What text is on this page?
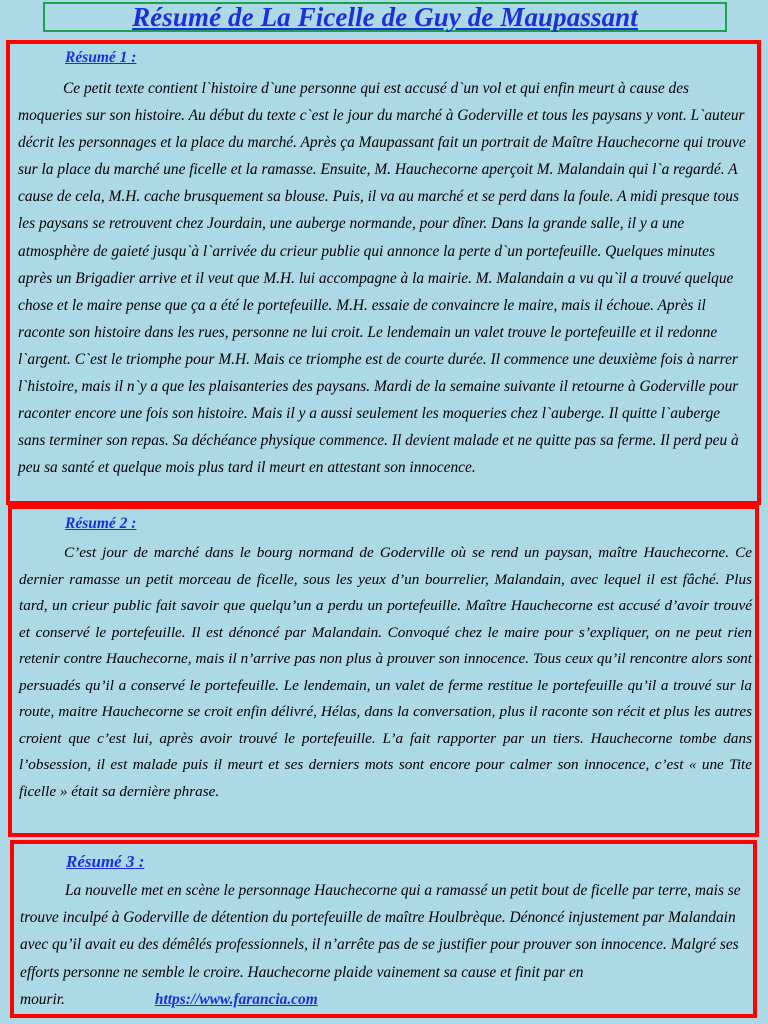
Résumé de La Ficelle de Guy de Maupassant
Résumé 1 :

Ce petit texte contient l`histoire d`une personne qui est accusé d`un vol et qui enfin meurt à cause des moqueries sur son histoire. Au début du texte c`est le jour du marché à Goderville et tous les paysans y vont. L`auteur décrit les personnages et la place du marché. Après ça Maupassant fait un portrait de Maître Hauchecorne qui trouve sur la place du marché une ficelle et la ramasse. Ensuite, M. Hauchecorne aperçoit M. Malandain qui l`a regardé. A cause de cela, M.H. cache brusquement sa blouse. Puis, il va au marché et se perd dans la foule. A midi presque tous les paysans se retrouvent chez Jourdain, une auberge normande, pour dîner. Dans la grande salle, il y a une atmosphère de gaieté jusqu`à l`arrivée du crieur publie qui annonce la perte d`un portefeuille. Quelques minutes après un Brigadier arrive et il veut que M.H. lui accompagne à la mairie. M. Malandain a vu qu`il a trouvé quelque chose et le maire pense que ça a été le portefeuille. M.H. essaie de convaincre le maire, mais il échoue. Après il raconte son histoire dans les rues, personne ne lui croit. Le lendemain un valet trouve le portefeuille et il redonne l`argent. C`est le triomphe pour M.H. Mais ce triomphe est de courte durée. Il commence une deuxième fois à narrer l`histoire, mais il n`y a que les plaisanteries des paysans. Mardi de la semaine suivante il retourne à Goderville pour raconter encore une fois son histoire. Mais il y a aussi seulement les moqueries chez l`auberge. Il quitte l`auberge sans terminer son repas. Sa déchéance physique commence. Il devient malade et ne quitte pas sa ferme. Il perd peu à peu sa santé et quelque mois plus tard il meurt en attestant son innocence.

Résumé 2 :

C’est jour de marché dans le bourg normand de Goderville où se rend un paysan, maître Hauchecorne. Ce dernier ramasse un petit morceau de ficelle, sous les yeux d’un bourrelier, Malandain, avec lequel il est fâché. Plus tard, un crieur public fait savoir que quelqu’un a perdu un portefeuille. Maître Hauchecorne est accusé d’avoir trouvé et conservé le portefeuille. Il est dénoncé par Malandain. Convoqué chez le maire pour s’expliquer, on ne peut rien retenir contre Hauchecorne, mais il n’arrive pas non plus à prouver son innocence. Tous ceux qu’il rencontre alors sont persuadés qu’il a conservé le portefeuille. Le lendemain, un valet de ferme restitue le portefeuille qu’il a trouvé sur la route, maitre Hauchecorne se croit enfin délivré, Hélas, dans la conversation, plus il raconte son récit et plus les autres croient que c’est lui, après avoir trouvé le portefeuille. L’a fait rapporter par un tiers. Hauchecorne tombe dans l’obsession, il est malade puis il meurt et ses derniers mots sont encore pour calmer son innocence, c’est « une Tite ficelle » était sa dernière phrase.

Résumé 3 :

La nouvelle met en scène le personnage Hauchecorne qui a ramassé un petit bout de ficelle par terre, mais se trouve inculpé à Goderville de détention du portefeuille de maître Houlbrèque. Dénoncé injustement par Malandain avec qu’il avait eu des démêlés professionnels, il n’arrête pas de se justifier pour prouver son innocence. Malgré ses efforts personne ne semble le croire. Hauchecorne plaide vainement sa cause et finit par en mourir.	https://www.farancia.com
